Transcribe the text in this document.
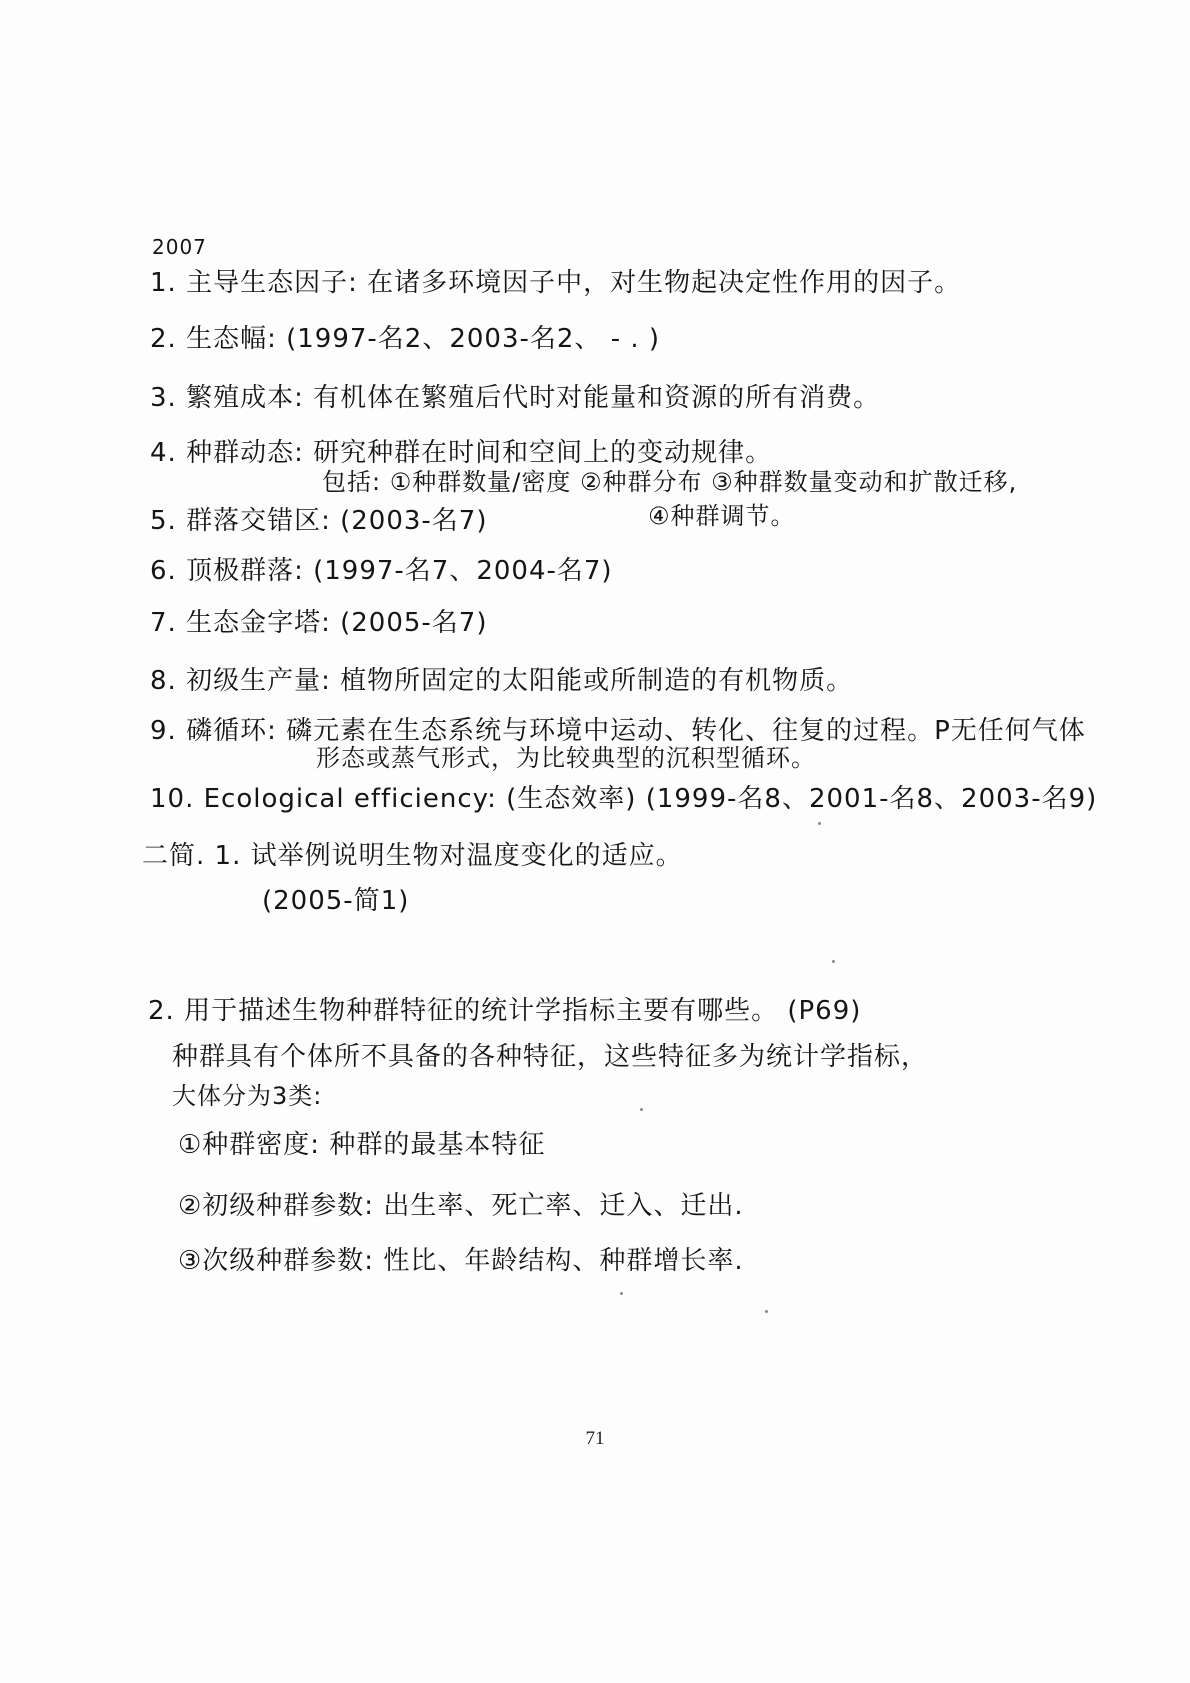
2007
1. 主导生态因子: 在诸多环境因子中，对生物起决定性作用的因子。
2. 生态幅: (1997-名2、2003-名2、 - . )
3. 繁殖成本: 有机体在繁殖后代时对能量和资源的所有消费。
4. 种群动态: 研究种群在时间和空间上的变动规律。
包括: ①种群数量/密度 ②种群分布 ③种群数量变动和扩散迁移,
④种群调节。
5. 群落交错区: (2003-名7)
6. 顶极群落: (1997-名7、2004-名7)
7. 生态金字塔: (2005-名7)
8. 初级生产量: 植物所固定的太阳能或所制造的有机物质。
9. 磷循环: 磷元素在生态系统与环境中运动、转化、往复的过程。P无任何气体
形态或蒸气形式，为比较典型的沉积型循环。
10. Ecological efficiency: (生态效率) (1999-名8、2001-名8、2003-名9)
二简. 1. 试举例说明生物对温度变化的适应。
(2005-简1)
2. 用于描述生物种群特征的统计学指标主要有哪些。 (P69)
种群具有个体所不具备的各种特征，这些特征多为统计学指标，
大体分为3类:
①种群密度: 种群的最基本特征
②初级种群参数: 出生率、死亡率、迁入、迁出.
③次级种群参数: 性比、年龄结构、种群增长率.
71
